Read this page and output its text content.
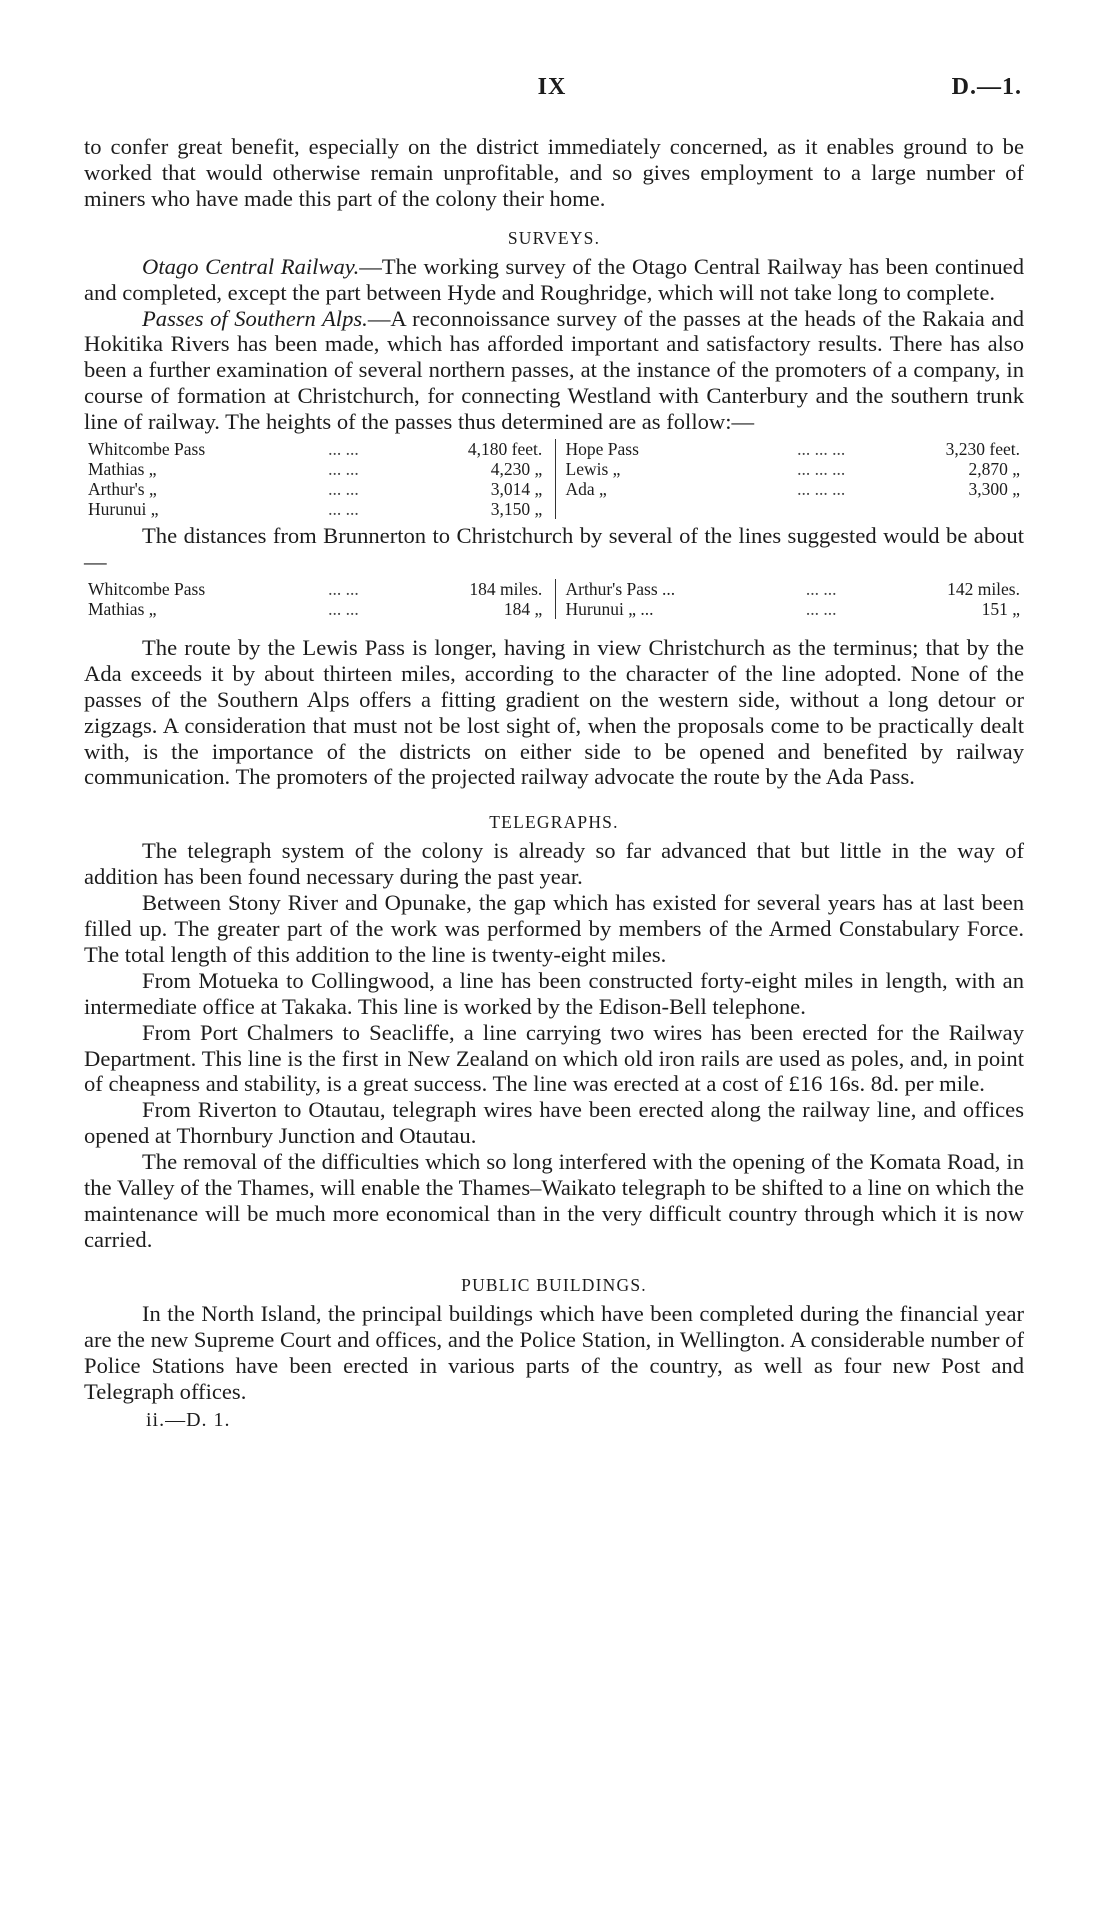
IX	D.—1.

to confer great benefit, especially on the district immediately concerned, as it enables ground to be worked that would otherwise remain unprofitable, and so gives employment to a large number of miners who have made this part of the colony their home.

SURVEYS.

Otago Central Railway.—The working survey of the Otago Central Railway has been continued and completed, except the part between Hyde and Roughridge, which will not take long to complete.

Passes of Southern Alps.—A reconnoissance survey of the passes at the heads of the Rakaia and Hokitika Rivers has been made, which has afforded important and satisfactory results. There has also been a further examination of several northern passes, at the instance of the promoters of a company, in course of formation at Christchurch, for connecting Westland with Canterbury and the southern trunk line of railway. The heights of the passes thus determined are as follow:—

Whitcombe Pass	... ...	4,180 feet.		Hope Pass	... ... ...	3,230 feet.
Mathias „	... ...	4,230 „		Lewis „	... ... ...	2,870 „
Arthur's „	... ...	3,014 „		Ada „	... ... ...	3,300 „
Hurunui „	... ...	3,150 „				

The distances from Brunnerton to Christchurch by several of the lines suggested would be about—

Whitcombe Pass	... ...	184 miles.		Arthur's Pass ...	... ...	142 miles.
Mathias „	... ...	184 „		Hurunui „ ...	... ...	151 „

The route by the Lewis Pass is longer, having in view Christchurch as the terminus; that by the Ada exceeds it by about thirteen miles, according to the character of the line adopted. None of the passes of the Southern Alps offers a fitting gradient on the western side, without a long detour or zigzags. A consideration that must not be lost sight of, when the proposals come to be practically dealt with, is the importance of the districts on either side to be opened and benefited by railway communication. The promoters of the projected railway advocate the route by the Ada Pass.

TELEGRAPHS.

The telegraph system of the colony is already so far advanced that but little in the way of addition has been found necessary during the past year.

Between Stony River and Opunake, the gap which has existed for several years has at last been filled up. The greater part of the work was performed by members of the Armed Constabulary Force. The total length of this addition to the line is twenty-eight miles.

From Motueka to Collingwood, a line has been constructed forty-eight miles in length, with an intermediate office at Takaka. This line is worked by the Edison-Bell telephone.

From Port Chalmers to Seacliffe, a line carrying two wires has been erected for the Railway Department. This line is the first in New Zealand on which old iron rails are used as poles, and, in point of cheapness and stability, is a great success. The line was erected at a cost of £16 16s. 8d. per mile.

From Riverton to Otautau, telegraph wires have been erected along the railway line, and offices opened at Thornbury Junction and Otautau.

The removal of the difficulties which so long interfered with the opening of the Komata Road, in the Valley of the Thames, will enable the Thames–Waikato telegraph to be shifted to a line on which the maintenance will be much more economical than in the very difficult country through which it is now carried.

PUBLIC BUILDINGS.

In the North Island, the principal buildings which have been completed during the financial year are the new Supreme Court and offices, and the Police Station, in Wellington. A considerable number of Police Stations have been erected in various parts of the country, as well as four new Post and Telegraph offices.

ii.—D. 1.
